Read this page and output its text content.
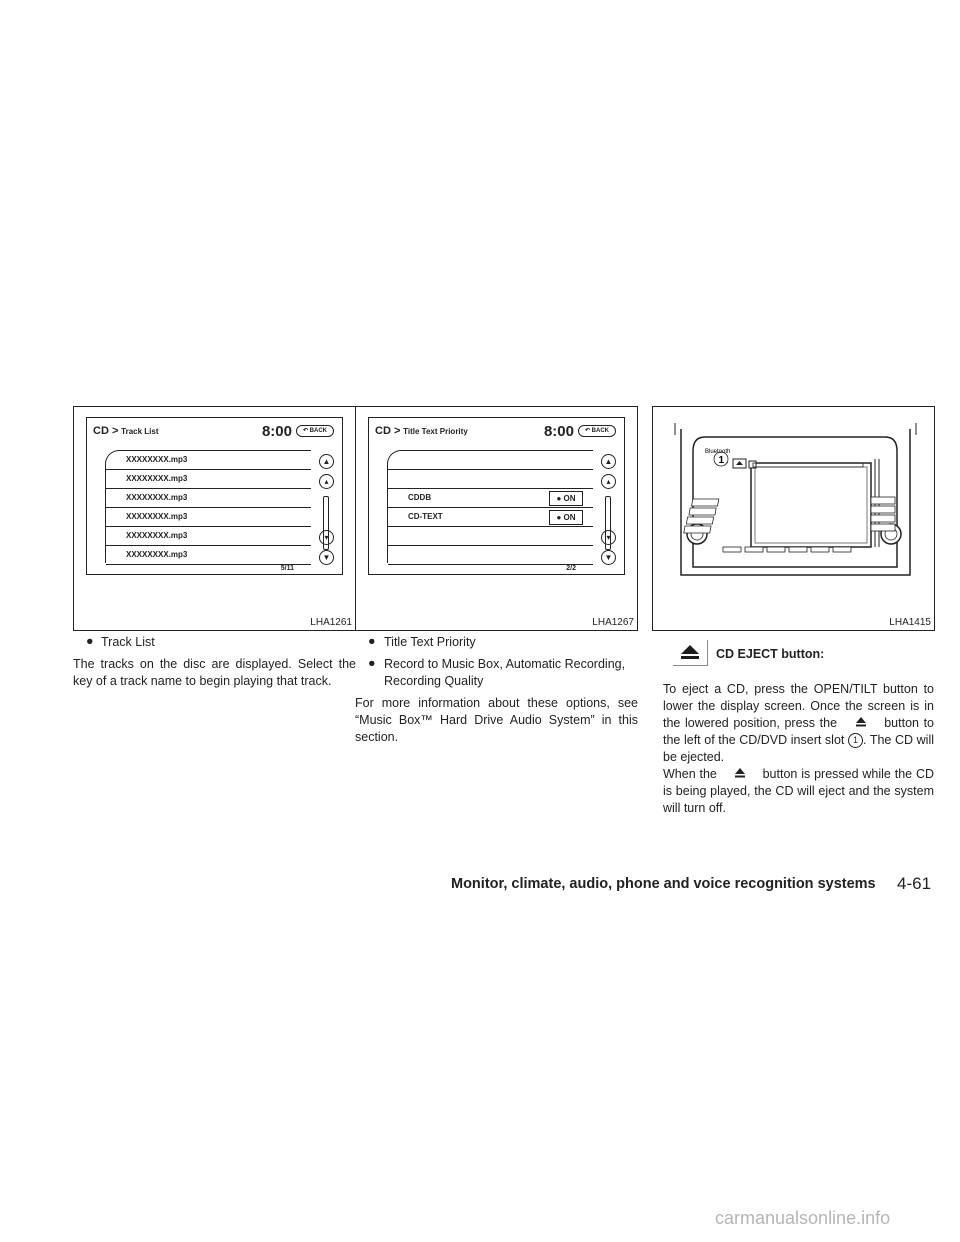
CD > Track List	8:00	↶ BACK
XXXXXXXX.mp3
XXXXXXXX.mp3
XXXXXXXX.mp3
XXXXXXXX.mp3
XXXXXXXX.mp3
XXXXXXXX.mp3
▲
▴
▾
▼
5/11
LHA1261
CD > Title Text Priority	8:00	↶ BACK
CDDB	● ON
CD-TEXT	● ON
▲
▴
▾
▼
2/2
LHA1267
1
Bluetooth
LHA1415
● Track List
The tracks on the disc are displayed. Select the key of a track name to begin playing that track.
● Title Text Priority
● Record to Music Box, Automatic Recording, Recording Quality
For more information about these options, see “Music Box™ Hard Drive Audio System” in this section.
CD EJECT button:
To eject a CD, press the OPEN/TILT button to lower the display screen. Once the screen is in the lowered position, press the	button to the left of the CD/DVD insert slot 1 . The CD will be ejected.
When the	button is pressed while the CD is being played, the CD will eject and the system will turn off.
Monitor, climate, audio, phone and voice recognition systems 4-61
carmanualsonline.info
